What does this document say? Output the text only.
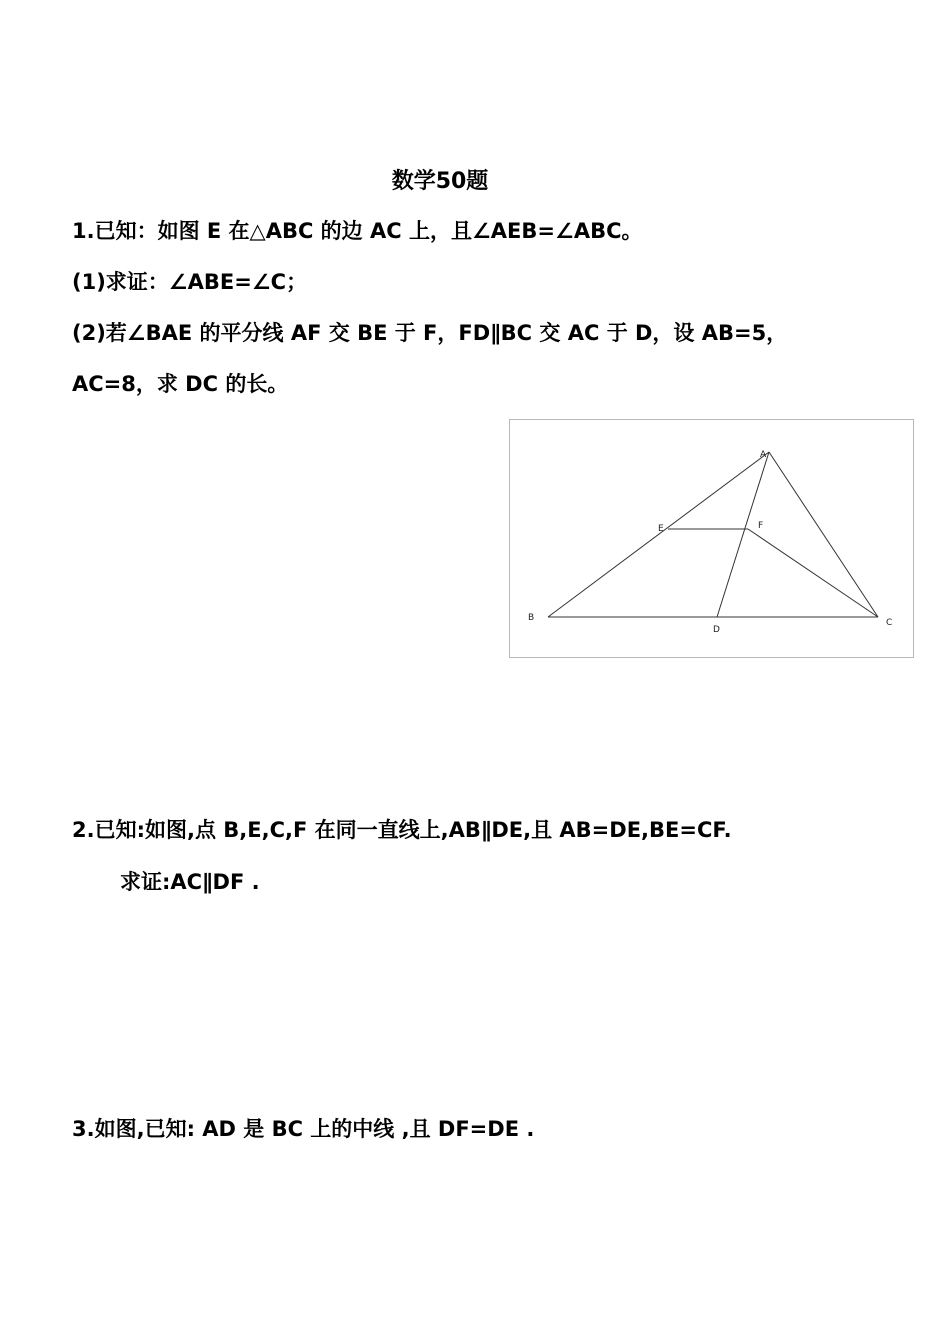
数学50题
1.已知：如图 E 在△ABC 的边 AC 上，且∠AEB=∠ABC。
(1)求证：∠ABE=∠C；
(2)若∠BAE 的平分线 AF 交 BE 于 F，FD∥BC 交 AC 于 D，设 AB=5，
AC=8，求 DC 的长。
A
B	C
D
E	F
2.已知:如图,点 B,E,C,F 在同一直线上,AB∥DE,且 AB=DE,BE=CF.
求证:AC∥DF .
3.如图,已知: AD 是 BC 上的中线 ,且 DF=DE .
